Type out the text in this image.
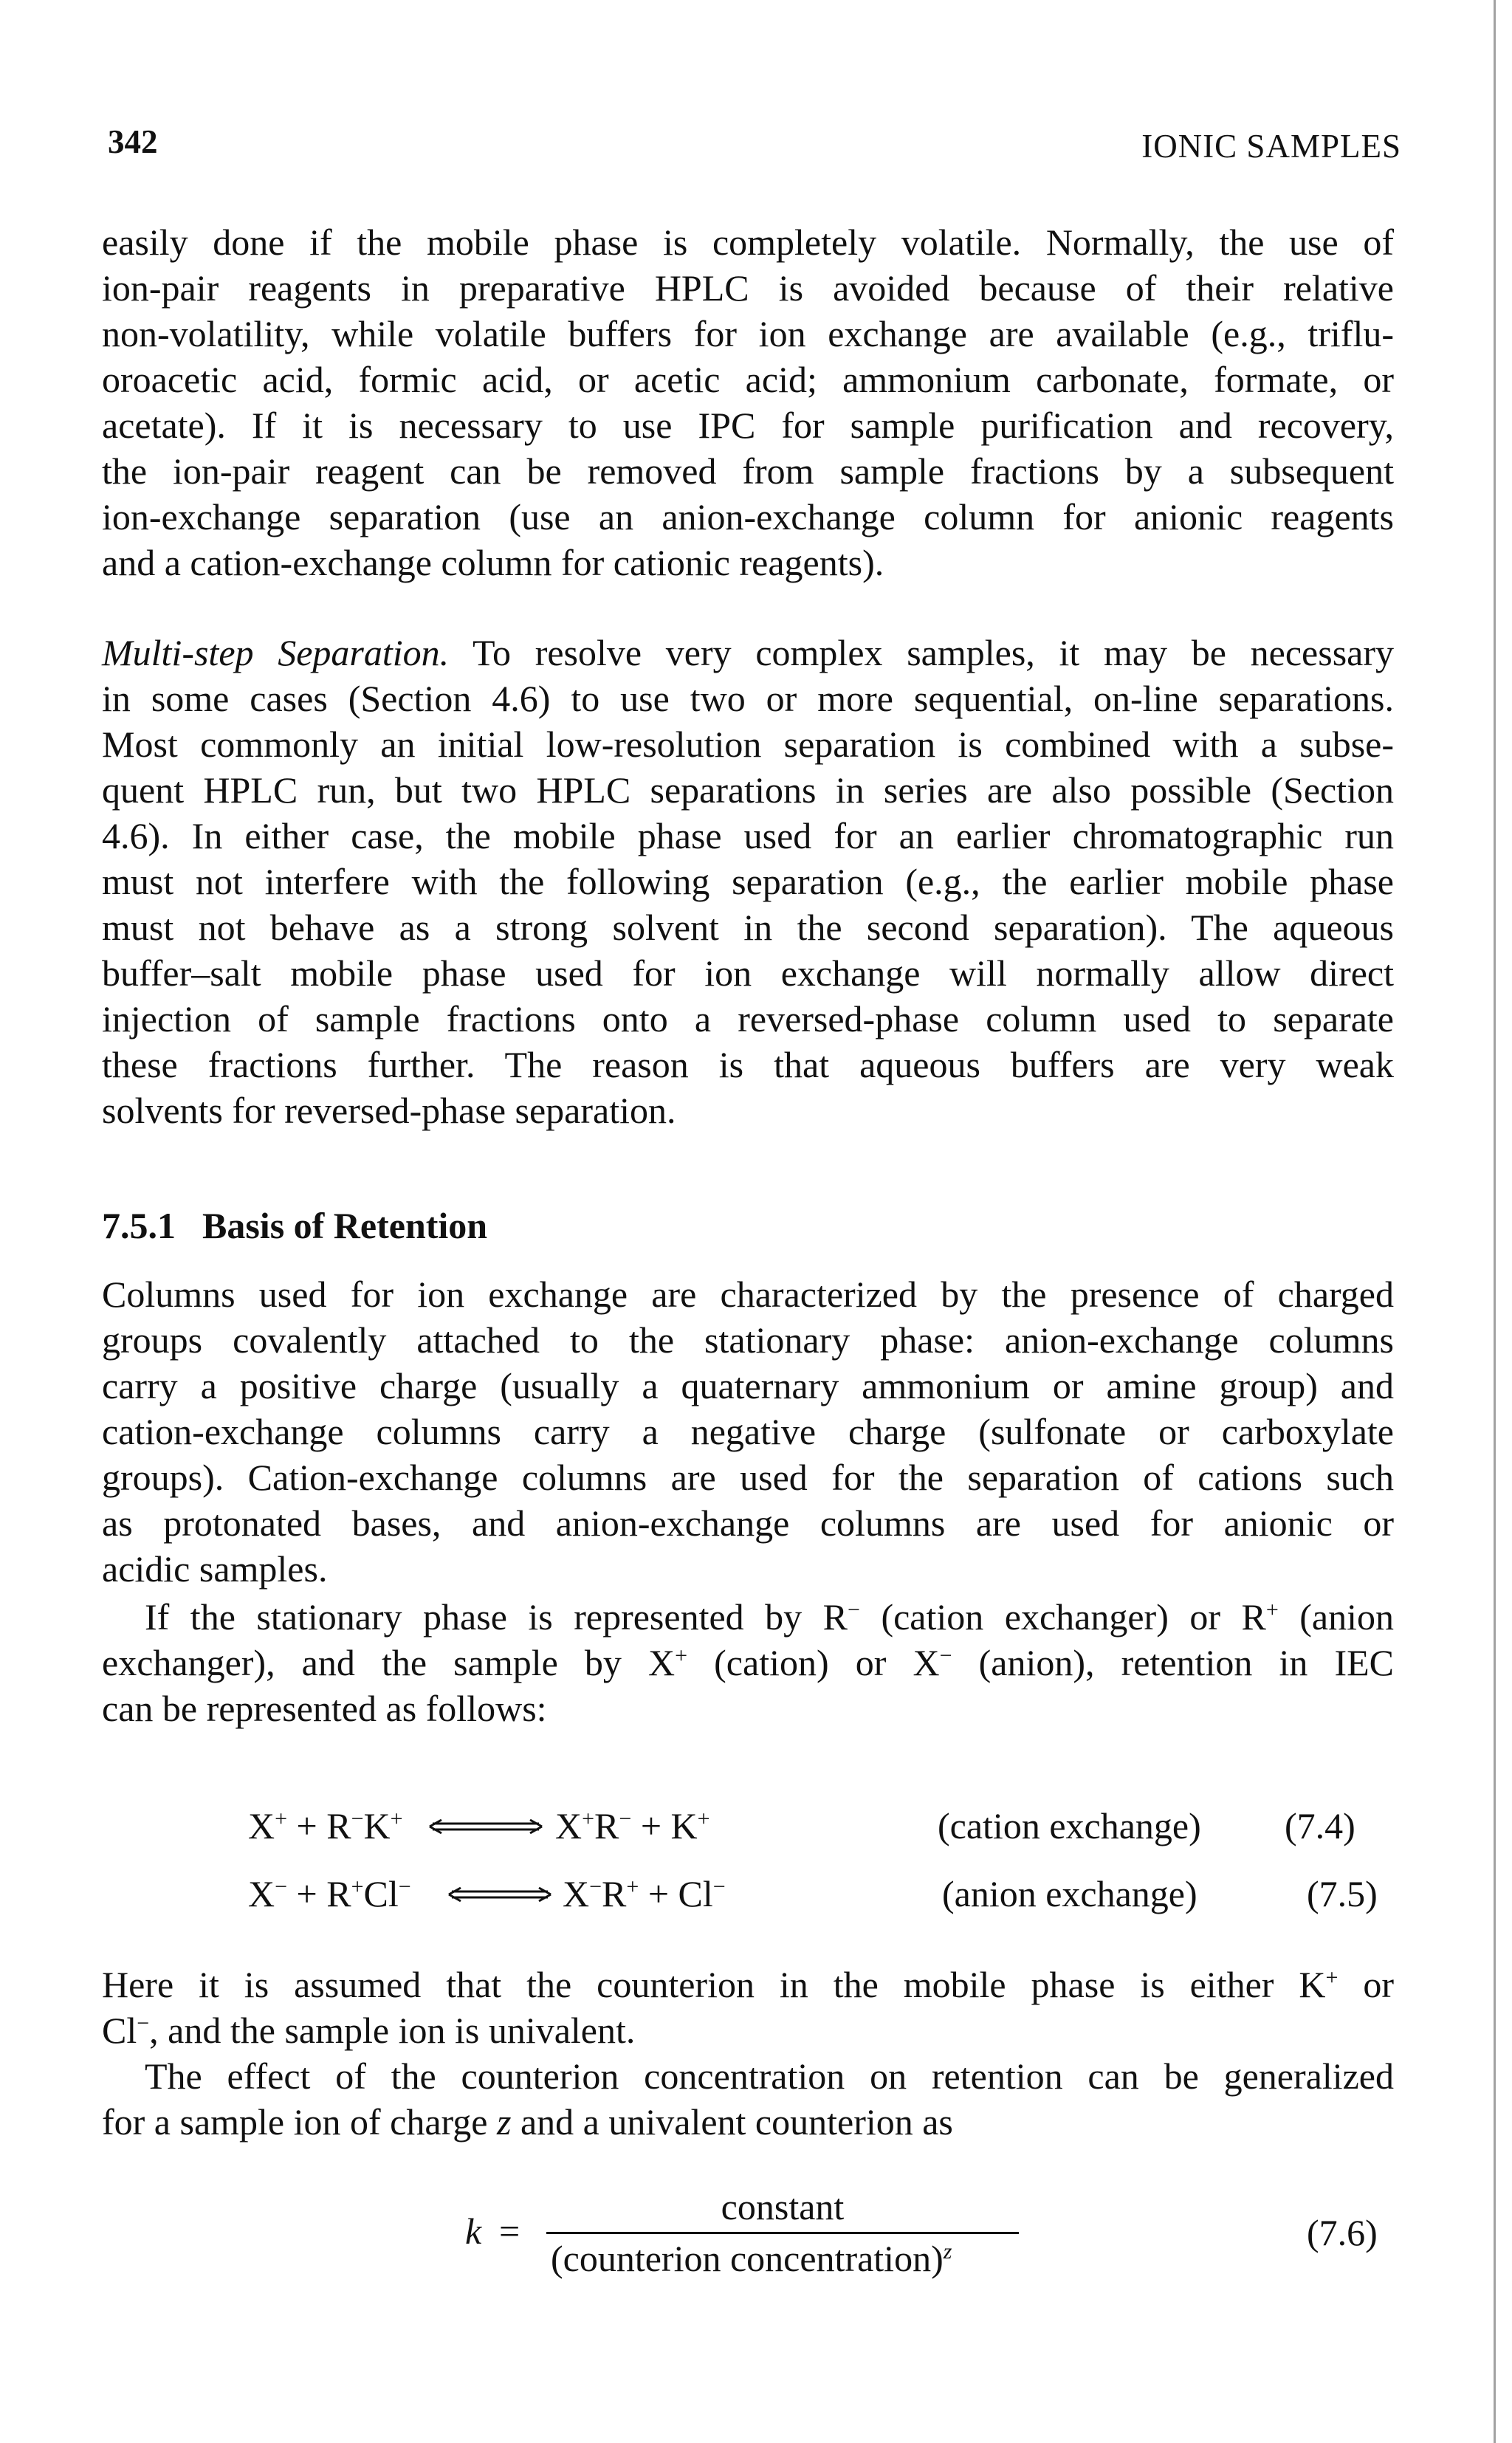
342	IONIC SAMPLES
easily done if the mobile phase is completely volatile. Normally, the use of
ion-pair reagents in preparative HPLC is avoided because of their relative
non-volatility, while volatile buffers for ion exchange are available (e.g., triflu-
oroacetic acid, formic acid, or acetic acid; ammonium carbonate, formate, or
acetate). If it is necessary to use IPC for sample purification and recovery,
the ion-pair reagent can be removed from sample fractions by a subsequent
ion-exchange separation (use an anion-exchange column for anionic reagents
and a cation-exchange column for cationic reagents).
Multi-step Separation. To resolve very complex samples, it may be necessary
in some cases (Section 4.6) to use two or more sequential, on-line separations.
Most commonly an initial low-resolution separation is combined with a subse-
quent HPLC run, but two HPLC separations in series are also possible (Section
4.6). In either case, the mobile phase used for an earlier chromatographic run
must not interfere with the following separation (e.g., the earlier mobile phase
must not behave as a strong solvent in the second separation). The aqueous
buffer–salt mobile phase used for ion exchange will normally allow direct
injection of sample fractions onto a reversed-phase column used to separate
these fractions further. The reason is that aqueous buffers are very weak
solvents for reversed-phase separation.
7.5.1 Basis of Retention
Columns used for ion exchange are characterized by the presence of charged
groups covalently attached to the stationary phase: anion-exchange columns
carry a positive charge (usually a quaternary ammonium or amine group) and
cation-exchange columns carry a negative charge (sulfonate or carboxylate
groups). Cation-exchange columns are used for the separation of cations such
as protonated bases, and anion-exchange columns are used for anionic or
acidic samples.
If the stationary phase is represented by R− (cation exchanger) or R+ (anion
exchanger), and the sample by X+ (cation) or X− (anion), retention in IEC
can be represented as follows:
X+ + R−K+	X+R− + K+	(cation exchange) (7.4)
X− + R+Cl−	X−R+ + Cl−	(anion exchange)	(7.5)
Here it is assumed that the counterion in the mobile phase is either K+ or
Cl−, and the sample ion is univalent.
The effect of the counterion concentration on retention can be generalized
for a sample ion of charge z and a univalent counterion as
k =
constant
(counterion concentration)$^z$	(7.6)
